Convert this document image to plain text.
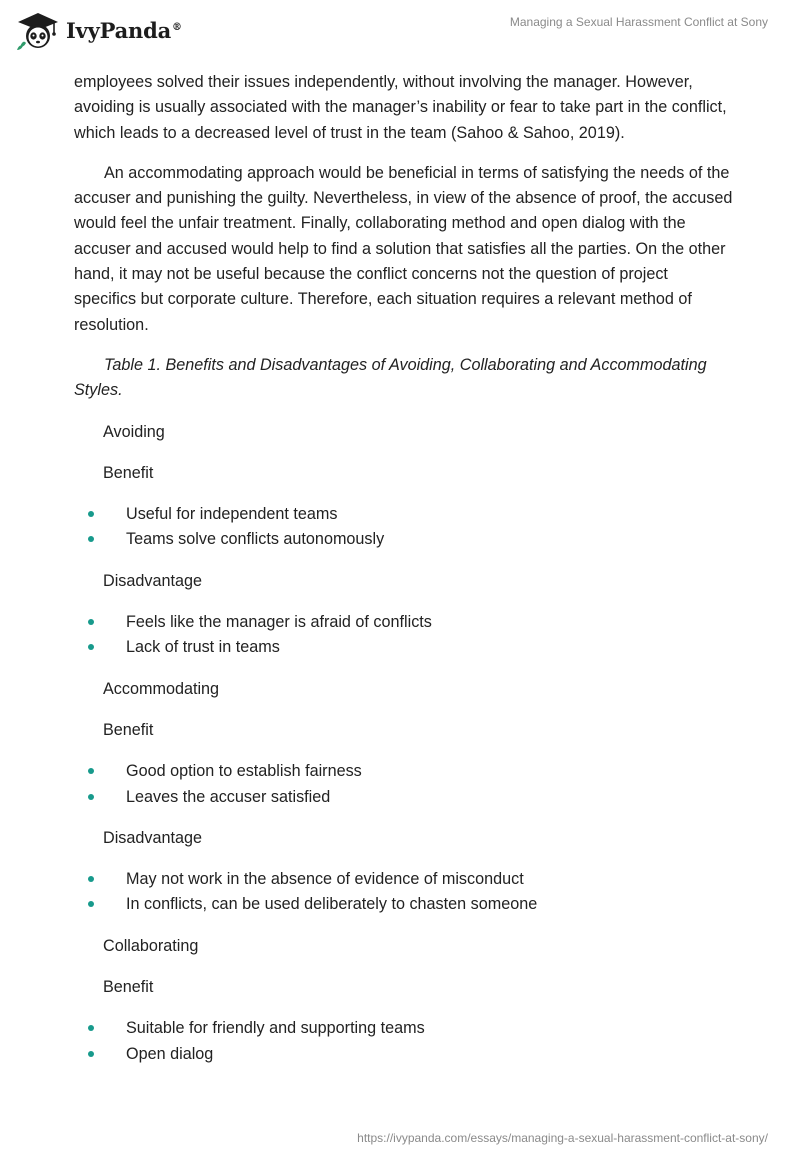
IvyPanda®	Managing a Sexual Harassment Conflict at Sony

employees solved their issues independently, without involving the manager. However, avoiding is usually associated with the manager’s inability or fear to take part in the conflict, which leads to a decreased level of trust in the team (Sahoo & Sahoo, 2019).

An accommodating approach would be beneficial in terms of satisfying the needs of the accuser and punishing the guilty. Nevertheless, in view of the absence of proof, the accused would feel the unfair treatment. Finally, collaborating method and open dialog with the accuser and accused would help to find a solution that satisfies all the parties. On the other hand, it may not be useful because the conflict concerns not the question of project specifics but corporate culture. Therefore, each situation requires a relevant method of resolution.

Table 1. Benefits and Disadvantages of Avoiding, Collaborating and Accommodating Styles.

Avoiding

Benefit

Useful for independent teams
Teams solve conflicts autonomously

Disadvantage

Feels like the manager is afraid of conflicts
Lack of trust in teams

Accommodating

Benefit

Good option to establish fairness
Leaves the accuser satisfied

Disadvantage

May not work in the absence of evidence of misconduct
In conflicts, can be used deliberately to chasten someone

Collaborating

Benefit

Suitable for friendly and supporting teams
Open dialog
https://ivypanda.com/essays/managing-a-sexual-harassment-conflict-at-sony/
